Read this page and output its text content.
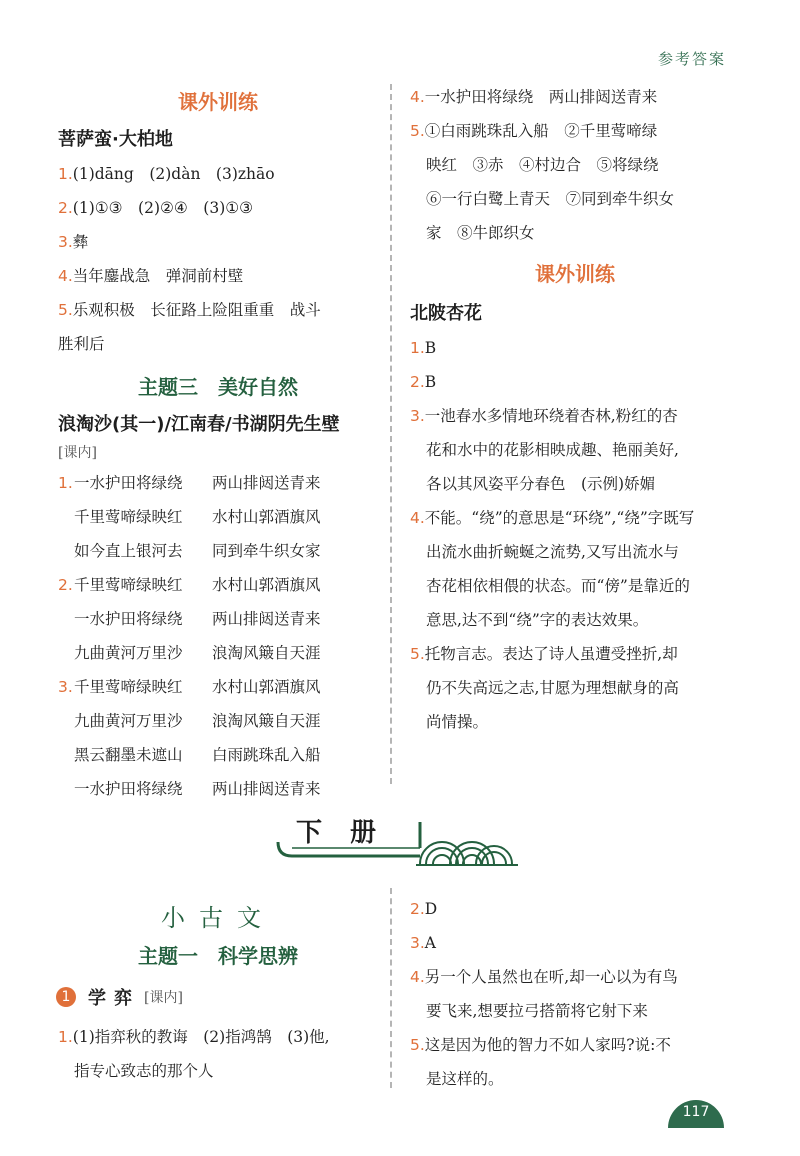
参考答案
课外训练
菩萨蛮·大柏地
1.(1)dāng　(2)dàn　(3)zhāo
2.(1)①③　(2)②④　(3)①③
3.彝
4.当年鏖战急　弹洞前村壁
5.乐观积极　长征路上险阻重重　战斗
胜利后
主题三　美好自然
浪淘沙(其一)/江南春/书湖阴先生壁
[课内]
1. 一水护田将绿绕	两山排闼送青来
千里莺啼绿映红	水村山郭酒旗风
如今直上银河去	同到牵牛织女家
2. 千里莺啼绿映红	水村山郭酒旗风
一水护田将绿绕	两山排闼送青来
九曲黄河万里沙	浪淘风簸自天涯
3. 千里莺啼绿映红	水村山郭酒旗风
九曲黄河万里沙	浪淘风簸自天涯
黑云翻墨未遮山	白雨跳珠乱入船
一水护田将绿绕	两山排闼送青来
4.一水护田将绿绕　两山排闼送青来
5.①白雨跳珠乱入船　②千里莺啼绿
映红　③赤　④村边合　⑤将绿绕
⑥一行白鹭上青天　⑦同到牵牛织女
家　⑧牛郎织女
课外训练
北陂杏花
1.B
2.B
3.一池春水多情地环绕着杏林,粉红的杏
花和水中的花影相映成趣、艳丽美好,
各以其风姿平分春色　(示例)娇媚
4.不能。“绕”的意思是“环绕”,“绕”字既写
出流水曲折蜿蜒之流势,又写出流水与
杏花相依相偎的状态。而“傍”是靠近的
意思,达不到“绕”字的表达效果。
5.托物言志。表达了诗人虽遭受挫折,却
仍不失高远之志,甘愿为理想献身的高
尚情操。
下册
小古文
主题一　科学思辨
1 学弈 [课内]
1.(1)指弈秋的教诲　(2)指鸿鹄　(3)他,
指专心致志的那个人
2.D
3.A
4.另一个人虽然也在听,却一心以为有鸟
要飞来,想要拉弓搭箭将它射下来
5.这是因为他的智力不如人家吗?说:不
是这样的。
117
